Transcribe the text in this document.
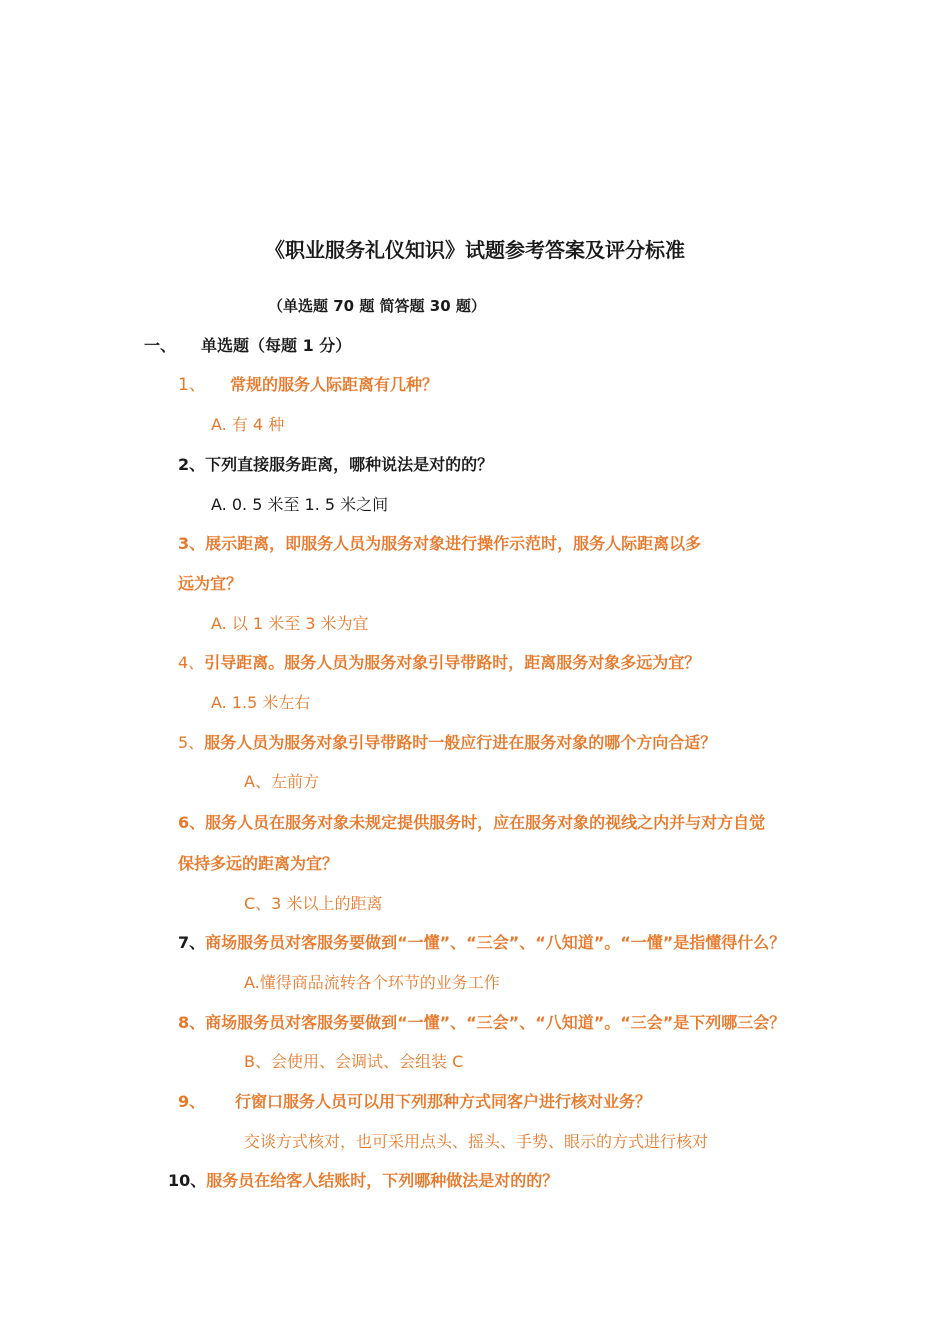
《职业服务礼仪知识》试题参考答案及评分标准
（单选题 70 题 简答题 30 题）
一、 单选题（每题 1 分）
1、 常规的服务人际距离有几种？
A. 有 4 种
2、下列直接服务距离，哪种说法是对的的？
A. 0. 5 米至 1. 5 米之间
3、展示距离，即服务人员为服务对象进行操作示范时，服务人际距离以多
远为宜？
A. 以 1 米至 3 米为宜
4、引导距离。服务人员为服务对象引导带路时，距离服务对象多远为宜？
A. 1.5 米左右
5、服务人员为服务对象引导带路时一般应行进在服务对象的哪个方向合适？
A、左前方
6、服务人员在服务对象未规定提供服务时，应在服务对象的视线之内并与对方自觉
保持多远的距离为宜？
C、3 米以上的距离
7、商场服务员对客服务要做到“一懂”、“三会”、“八知道”。“一懂”是指懂得什么？
A.懂得商品流转各个环节的业务工作
8、商场服务员对客服务要做到“一懂”、“三会”、“八知道”。“三会”是下列哪三会？
B、会使用、会调试、会组装 C
9、 行窗口服务人员可以用下列那种方式同客户进行核对业务？
交谈方式核对，也可采用点头、摇头、手势、眼示的方式进行核对
10、服务员在给客人结账时，下列哪种做法是对的的？
